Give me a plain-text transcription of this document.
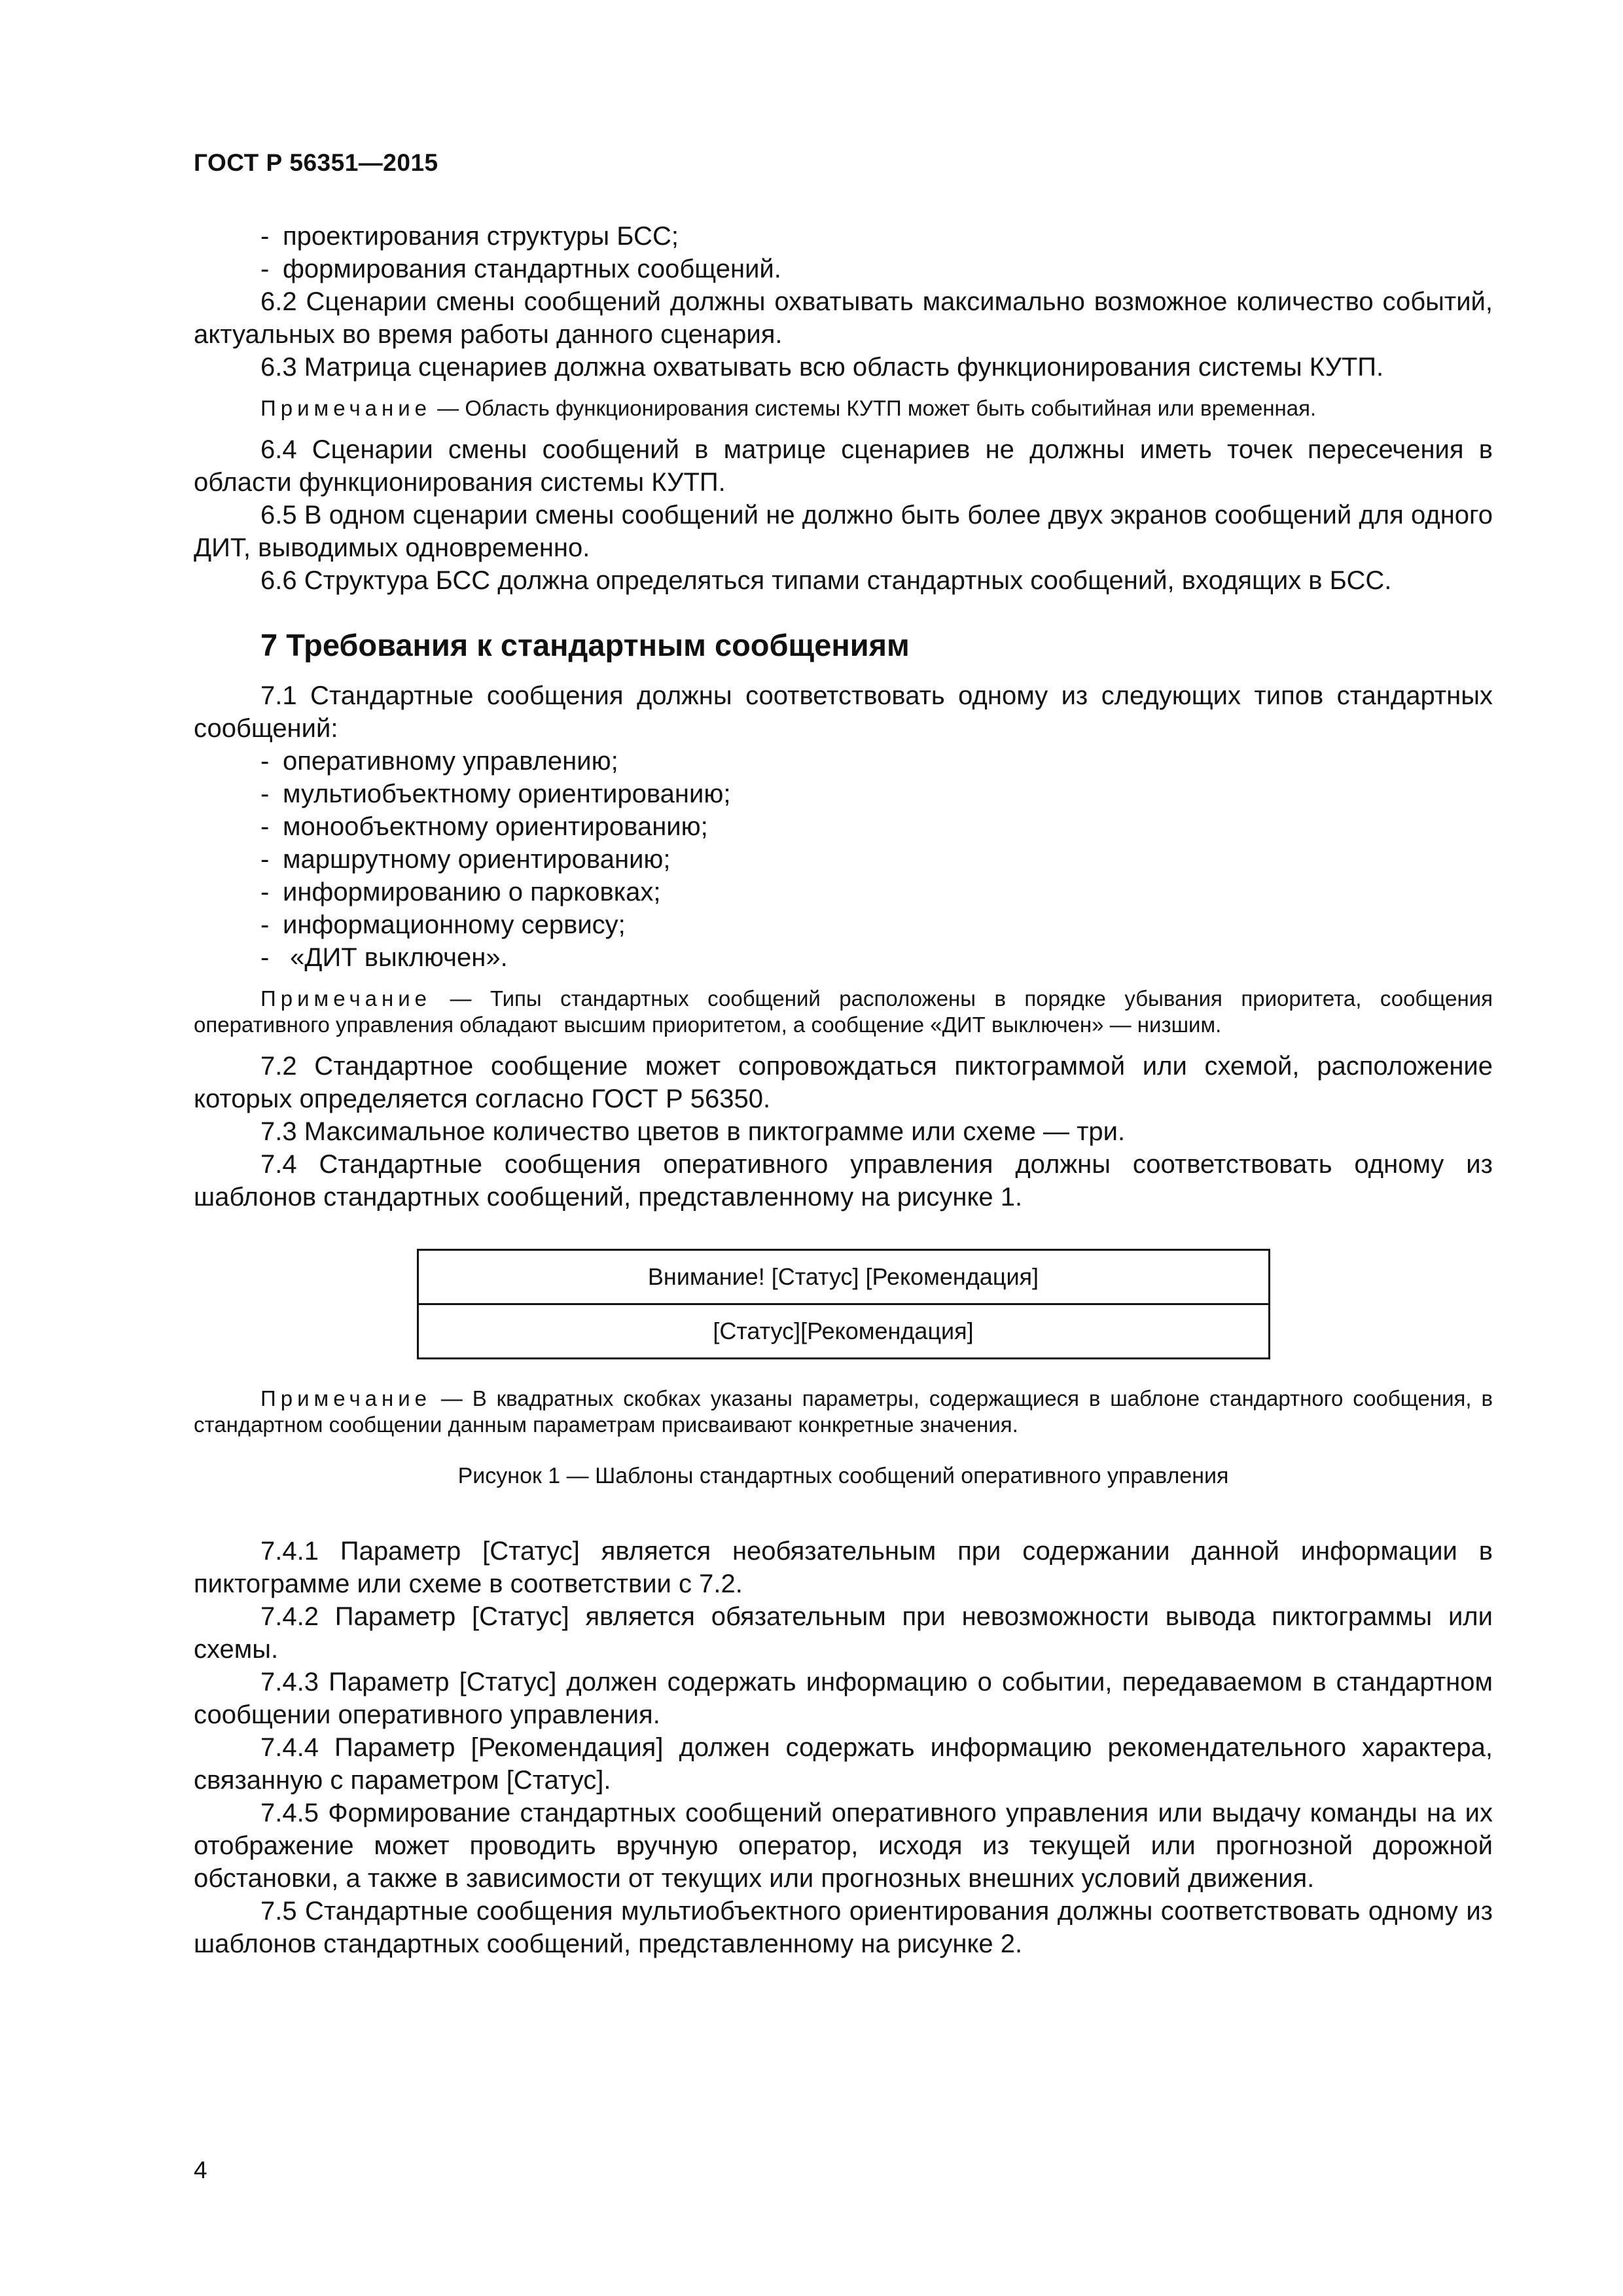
ГОСТ Р 56351—2015

- проектирования структуры БСС;

- формирования стандартных сообщений.

6.2 Сценарии смены сообщений должны охватывать максимально возможное количество событий, актуальных во время работы данного сценария.

6.3 Матрица сценариев должна охватывать всю область функционирования системы КУТП.

Примечание — Область функционирования системы КУТП может быть событийная или временная.

6.4 Сценарии смены сообщений в матрице сценариев не должны иметь точек пересечения в области функционирования системы КУТП.

6.5 В одном сценарии смены сообщений не должно быть более двух экранов сообщений для одного ДИТ, выводимых одновременно.

6.6 Структура БСС должна определяться типами стандартных сообщений, входящих в БСС.

7 Требования к стандартным сообщениям

7.1 Стандартные сообщения должны соответствовать одному из следующих типов стандартных сообщений:

- оперативному управлению;

- мультиобъектному ориентированию;

- монообъектному ориентированию;

- маршрутному ориентированию;

- информированию о парковках;

- информационному сервису;

- «ДИТ выключен».

Примечание — Типы стандартных сообщений расположены в порядке убывания приоритета, сообщения оперативного управления обладают высшим приоритетом, а сообщение «ДИТ выключен» — низшим.

7.2 Стандартное сообщение может сопровождаться пиктограммой или схемой, расположение которых определяется согласно ГОСТ Р 56350.

7.3 Максимальное количество цветов в пиктограмме или схеме — три.

7.4 Стандартные сообщения оперативного управления должны соответствовать одному из шаблонов стандартных сообщений, представленному на рисунке 1.

Внимание! [Статус] [Рекомендация]
[Статус][Рекомендация]

Примечание — В квадратных скобках указаны параметры, содержащиеся в шаблоне стандартного сообщения, в стандартном сообщении данным параметрам присваивают конкретные значения.

Рисунок 1 — Шаблоны стандартных сообщений оперативного управления

7.4.1 Параметр [Статус] является необязательным при содержании данной информации в пиктограмме или схеме в соответствии с 7.2.

7.4.2 Параметр [Статус] является обязательным при невозможности вывода пиктограммы или схемы.

7.4.3 Параметр [Статус] должен содержать информацию о событии, передаваемом в стандартном сообщении оперативного управления.

7.4.4 Параметр [Рекомендация] должен содержать информацию рекомендательного характера, связанную с параметром [Статус].

7.4.5 Формирование стандартных сообщений оперативного управления или выдачу команды на их отображение может проводить вручную оператор, исходя из текущей или прогнозной дорожной обстановки, а также в зависимости от текущих или прогнозных внешних условий движения.

7.5 Стандартные сообщения мультиобъектного ориентирования должны соответствовать одному из шаблонов стандартных сообщений, представленному на рисунке 2.

4
